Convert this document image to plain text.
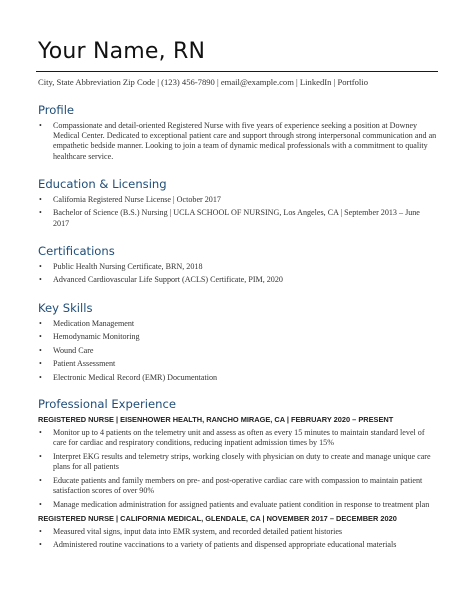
Your Name, RN
City, State Abbreviation Zip Code | (123) 456-7890 | email@example.com | LinkedIn | Portfolio
Profile
• Compassionate and detail-oriented Registered Nurse with five years of experience seeking a position at Downey Medical Center. Dedicated to exceptional patient care and support through strong interpersonal communication and an empathetic bedside manner. Looking to join a team of dynamic medical professionals with a commitment to quality healthcare service.
Education & Licensing
• California Registered Nurse License | October 2017
• Bachelor of Science (B.S.) Nursing | UCLA SCHOOL OF NURSING, Los Angeles, CA | September 2013 – June 2017
Certifications
• Public Health Nursing Certificate, BRN, 2018
• Advanced Cardiovascular Life Support (ACLS) Certificate, PIM, 2020
Key Skills
• Medication Management
• Hemodynamic Monitoring
• Wound Care
• Patient Assessment
• Electronic Medical Record (EMR) Documentation
Professional Experience
REGISTERED NURSE | EISENHOWER HEALTH, RANCHO MIRAGE, CA | FEBRUARY 2020 – PRESENT
• Monitor up to 4 patients on the telemetry unit and assess as often as every 15 minutes to maintain standard level of care for cardiac and respiratory conditions, reducing inpatient admission times by 15%
• Interpret EKG results and telemetry strips, working closely with physician on duty to create and manage unique care plans for all patients
• Educate patients and family members on pre- and post-operative cardiac care with compassion to maintain patient satisfaction scores of over 90%
• Manage medication administration for assigned patients and evaluate patient condition in response to treatment plan
REGISTERED NURSE | CALIFORNIA MEDICAL, GLENDALE, CA | NOVEMBER 2017 – DECEMBER 2020
• Measured vital signs, input data into EMR system, and recorded detailed patient histories
• Administered routine vaccinations to a variety of patients and dispensed appropriate educational materials
